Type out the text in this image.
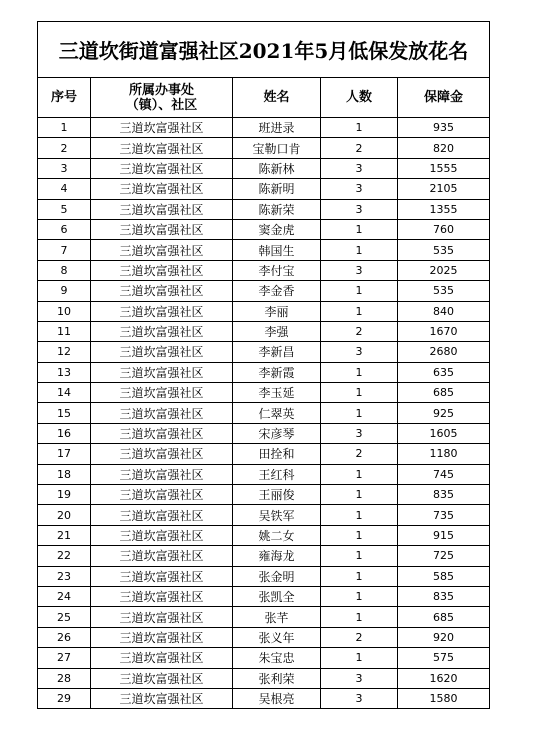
三道坎街道富强社区2021年5月低保发放花名				
序号	所属办事处
（镇）、社区	姓名	人数	保障金
1	三道坎富强社区	班进录	1	935
2	三道坎富强社区	宝勒口肯	2	820
3	三道坎富强社区	陈新林	3	1555
4	三道坎富强社区	陈新明	3	2105
5	三道坎富强社区	陈新荣	3	1355
6	三道坎富强社区	窦金虎	1	760
7	三道坎富强社区	韩国生	1	535
8	三道坎富强社区	李付宝	3	2025
9	三道坎富强社区	李金香	1	535
10	三道坎富强社区	李丽	1	840
11	三道坎富强社区	李强	2	1670
12	三道坎富强社区	李新昌	3	2680
13	三道坎富强社区	李新霞	1	635
14	三道坎富强社区	李玉延	1	685
15	三道坎富强社区	仁翠英	1	925
16	三道坎富强社区	宋彦琴	3	1605
17	三道坎富强社区	田拴和	2	1180
18	三道坎富强社区	王红科	1	745
19	三道坎富强社区	王丽俊	1	835
20	三道坎富强社区	吴铁军	1	735
21	三道坎富强社区	姚二女	1	915
22	三道坎富强社区	雍海龙	1	725
23	三道坎富强社区	张金明	1	585
24	三道坎富强社区	张凯全	1	835
25	三道坎富强社区	张芊	1	685
26	三道坎富强社区	张义年	2	920
27	三道坎富强社区	朱宝忠	1	575
28	三道坎富强社区	张利荣	3	1620
29	三道坎富强社区	吴根亮	3	1580
